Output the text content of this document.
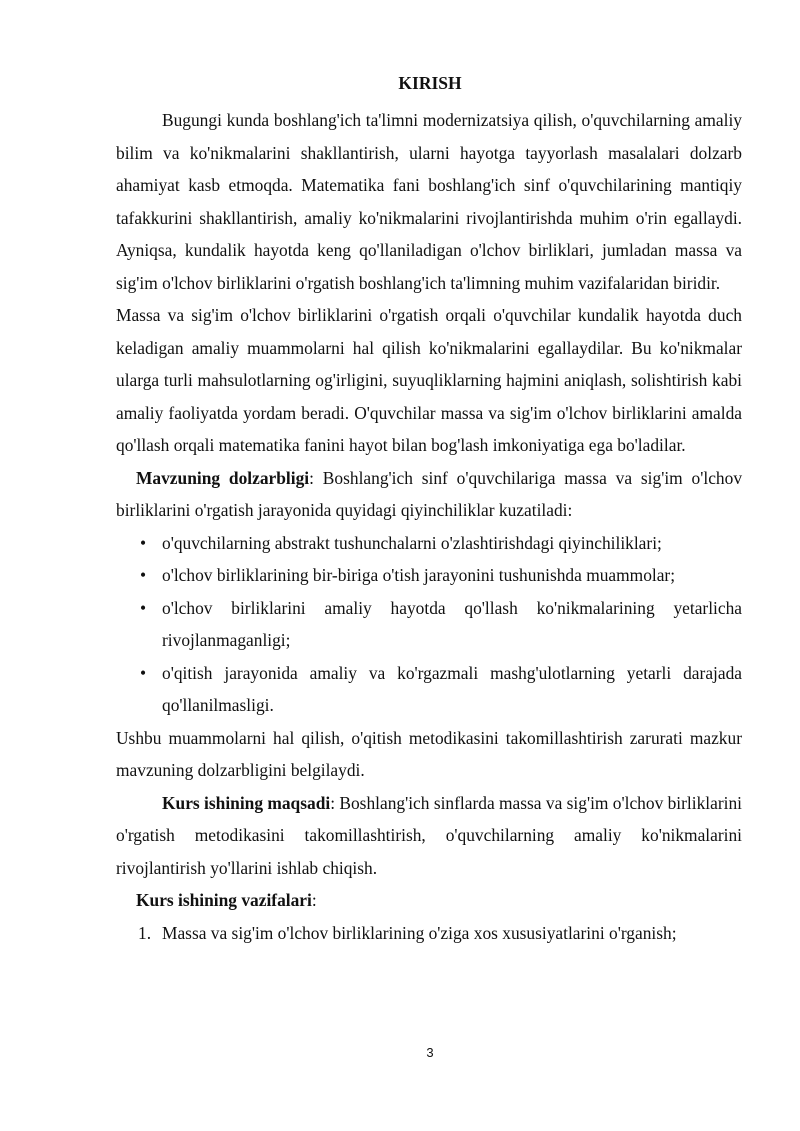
KIRISH

Bugungi kunda boshlang'ich ta'limni modernizatsiya qilish, o'quvchilarning amaliy bilim va ko'nikmalarini shakllantirish, ularni hayotga tayyorlash masalalari dolzarb ahamiyat kasb etmoqda. Matematika fani boshlang'ich sinf o'quvchilarining mantiqiy tafakkurini shakllantirish, amaliy ko'nikmalarini rivojlantirishda muhim o'rin egallaydi. Ayniqsa, kundalik hayotda keng qo'llaniladigan o'lchov birliklari, jumladan massa va sig'im o'lchov birliklarini o'rgatish boshlang'ich ta'limning muhim vazifalaridan biridir.

Massa va sig'im o'lchov birliklarini o'rgatish orqali o'quvchilar kundalik hayotda duch keladigan amaliy muammolarni hal qilish ko'nikmalarini egallaydilar. Bu ko'nikmalar ularga turli mahsulotlarning og'irligini, suyuqliklarning hajmini aniqlash, solishtirish kabi amaliy faoliyatda yordam beradi. O'quvchilar massa va sig'im o'lchov birliklarini amalda qo'llash orqali matematika fanini hayot bilan bog'lash imkoniyatiga ega bo'ladilar.

Mavzuning dolzarbligi: Boshlang'ich sinf o'quvchilariga massa va sig'im o'lchov birliklarini o'rgatish jarayonida quyidagi qiyinchiliklar kuzatiladi:

• o'quvchilarning abstrakt tushunchalarni o'zlashtirishdagi qiyinchiliklari;
• o'lchov birliklarining bir-biriga o'tish jarayonini tushunishda muammolar;
• o'lchov birliklarini amaliy hayotda qo'llash ko'nikmalarining yetarlicha rivojlanmaganligi;
• o'qitish jarayonida amaliy va ko'rgazmali mashg'ulotlarning yetarli darajada qo'llanilmasligi.

Ushbu muammolarni hal qilish, o'qitish metodikasini takomillashtirish zarurati mazkur mavzuning dolzarbligini belgilaydi.

Kurs ishining maqsadi: Boshlang'ich sinflarda massa va sig'im o'lchov birliklarini o'rgatish metodikasini takomillashtirish, o'quvchilarning amaliy ko'nikmalarini rivojlantirish yo'llarini ishlab chiqish.

Kurs ishining vazifalari:

1. Massa va sig'im o'lchov birliklarining o'ziga xos xususiyatlarini o'rganish;
3
